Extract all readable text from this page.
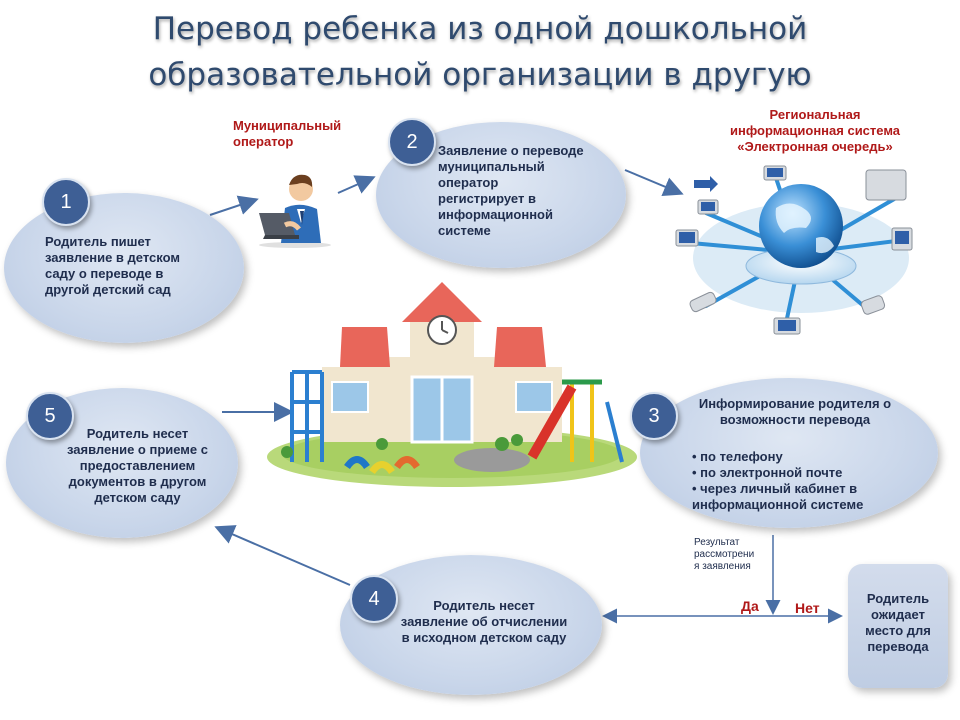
Перевод ребенка из одной дошкольной
образовательной организации в другую
1
Родитель пишет
заявление в детском
саду о переводе в
другой детский сад
Муниципальный
оператор	2	Заявление о переводе
муниципальный
оператор
регистрирует в
информационной
системе
Региональная
информационная система
«Электронная очередь»
5
Родитель несет
заявление о приеме с
предоставлением
документов в другом
детском саду
3
Информирование родителя о
возможности перевода
• по телефону
• по электронной почте
• через личный кабинет в
информационной системе
Результат
рассмотрени
я заявления
Да	Нет
4	Родитель несет
заявление об отчислении
в исходном детском саду
Родитель
ожидает
место для
перевода
